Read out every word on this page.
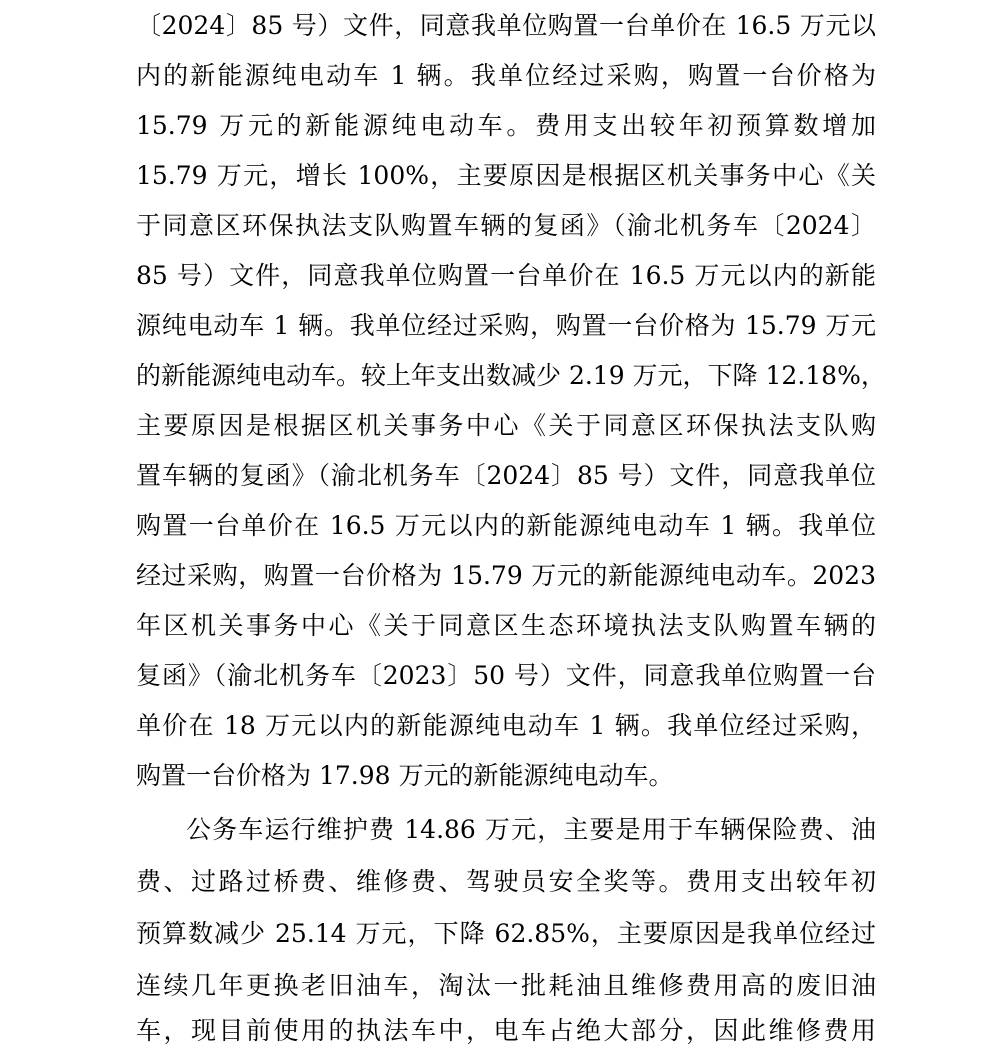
〔2024〕85 号）文件，同意我单位购置一台单价在 16.5 万元以
内的新能源纯电动车 1 辆。我单位经过采购，购置一台价格为
15.79 万元的新能源纯电动车。费用支出较年初预算数增加
15.79 万元，增长 100%，主要原因是根据区机关事务中心《关
于同意区环保执法支队购置车辆的复函》（渝北机务车〔2024〕
85 号）文件，同意我单位购置一台单价在 16.5 万元以内的新能
源纯电动车 1 辆。我单位经过采购，购置一台价格为 15.79 万元
的新能源纯电动车。较上年支出数减少 2.19 万元，下降 12.18%，
主要原因是根据区机关事务中心《关于同意区环保执法支队购
置车辆的复函》（渝北机务车〔2024〕85 号）文件，同意我单位
购置一台单价在 16.5 万元以内的新能源纯电动车 1 辆。我单位
经过采购，购置一台价格为 15.79 万元的新能源纯电动车。2023
年区机关事务中心《关于同意区生态环境执法支队购置车辆的
复函》（渝北机务车〔2023〕50 号）文件，同意我单位购置一台
单价在 18 万元以内的新能源纯电动车 1 辆。我单位经过采购，
购置一台价格为 17.98 万元的新能源纯电动车。
公务车运行维护费 14.86 万元，主要是用于车辆保险费、油
费、过路过桥费、维修费、驾驶员安全奖等。费用支出较年初
预算数减少 25.14 万元，下降 62.85%，主要原因是我单位经过
连续几年更换老旧油车，淘汰一批耗油且维修费用高的废旧油
车，现目前使用的执法车中，电车占绝大部分，因此维修费用
